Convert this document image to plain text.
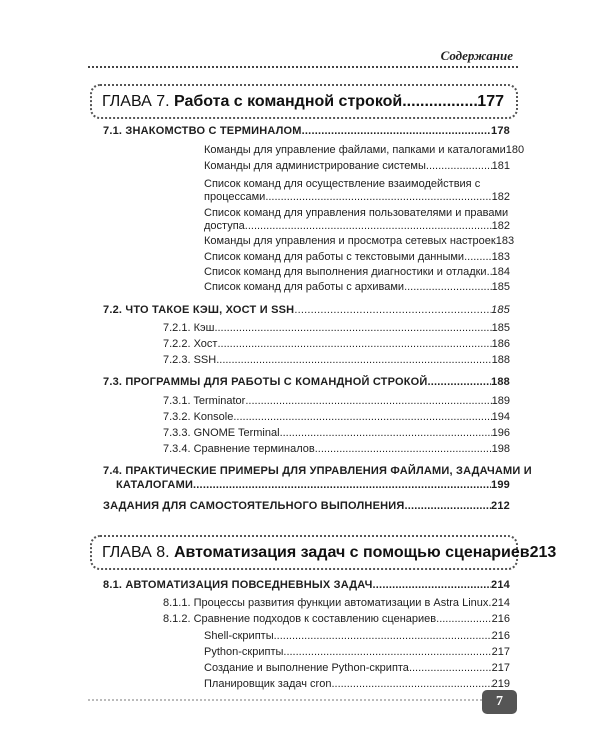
Содержание
ГЛАВА 7. Работа с командной строкой .....	177
7.1. ЗНАКОМСТВО С ТЕРМИНАЛОМ .....	178
Команды для управление файлами, папками и каталогами 180
Команды для администрирование системы .....	181
Список команд для осуществление взаимодействия с
процессами .....	182
Список команд для управления пользователями и правами
доступа .....	182
Команды для управления и просмотра сетевых настроек 183
Список команд для работы с текстовыми данными .....	183
Список команд для выполнения диагностики и отладки ..... 184
Список команд для работы с архивами .....	185
7.2. ЧТО ТАКОЕ КЭШ, ХОСТ И SSH .....	185
7.2.1. Кэш .....	185
7.2.2. Хост .....	186
7.2.3. SSH .....	188
7.3. ПРОГРАММЫ ДЛЯ РАБОТЫ С КОМАНДНОЙ СТРОКОЙ .....	188
7.3.1. Terminator .....	189
7.3.2. Konsole .....	194
7.3.3. GNOME Terminal .....	196
7.3.4. Сравнение терминалов .....	198
7.4. ПРАКТИЧЕСКИЕ ПРИМЕРЫ ДЛЯ УПРАВЛЕНИЯ ФАЙЛАМИ, ЗАДАЧАМИ И
КАТАЛОГАМИ .....	199
ЗАДАНИЯ ДЛЯ САМОСТОЯТЕЛЬНОГО ВЫПОЛНЕНИЯ .....	212
ГЛАВА 8. Автоматизация задач с помощью сценариев 213
8.1. АВТОМАТИЗАЦИЯ ПОВСЕДНЕВНЫХ ЗАДАЧ .....	214
8.1.1. Процессы развития функции автоматизации в Astra Linux ..... 214
8.1.2. Сравнение подходов к составлению сценариев .....	216
Shell-скрипты .....	216
Python-скрипты .....	217
Создание и выполнение Python-скрипта .....	217
Планировщик задач cron .....	219
7
